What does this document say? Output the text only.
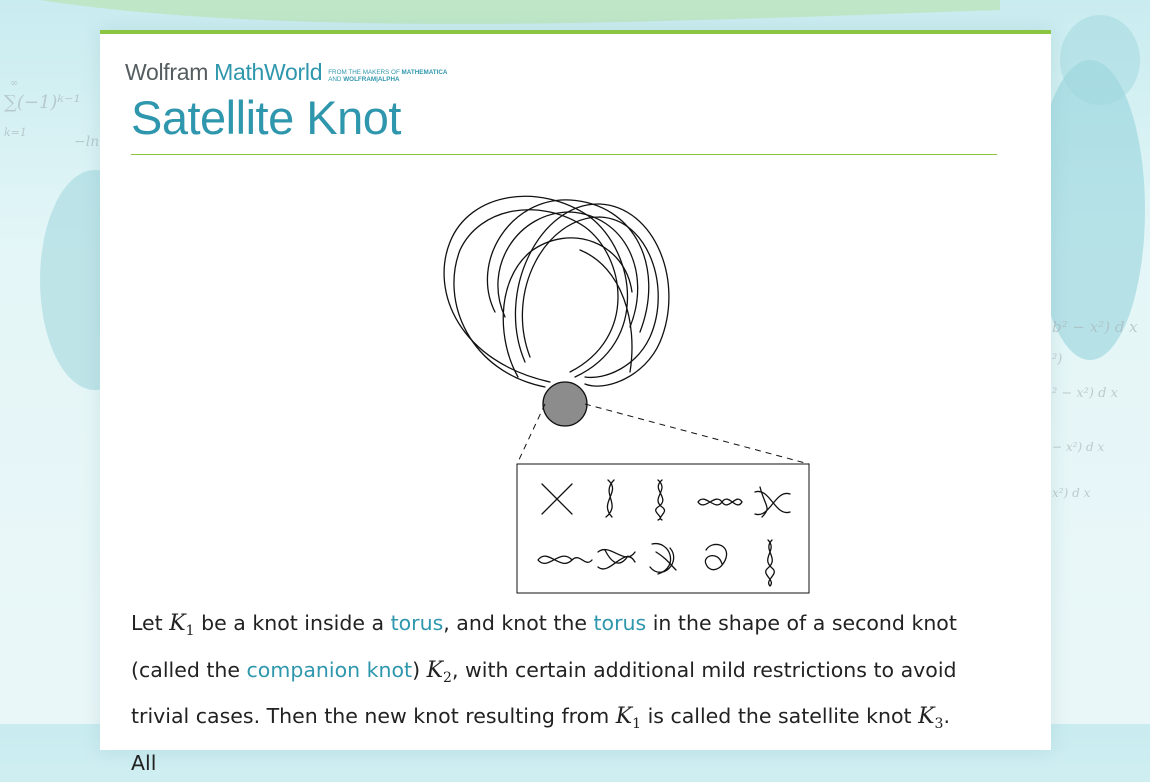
∑(−1)ᵏ⁻¹
∞
k=1
−ln
b² − x²) d x
²)
² − x²) d x
− x²) d x
x²) d x
Wolfram MathWorld FROM THE MAKERS OF MATHEMATICA
AND WOLFRAM|ALPHA
Satellite Knot

Let $K_1$ be a knot inside a torus, and knot the torus in the shape of a second knot (called the companion knot) $K_2$, with certain additional mild restrictions to avoid trivial cases. Then the new knot resulting from $K_1$ is called the satellite knot $K_3$. All
